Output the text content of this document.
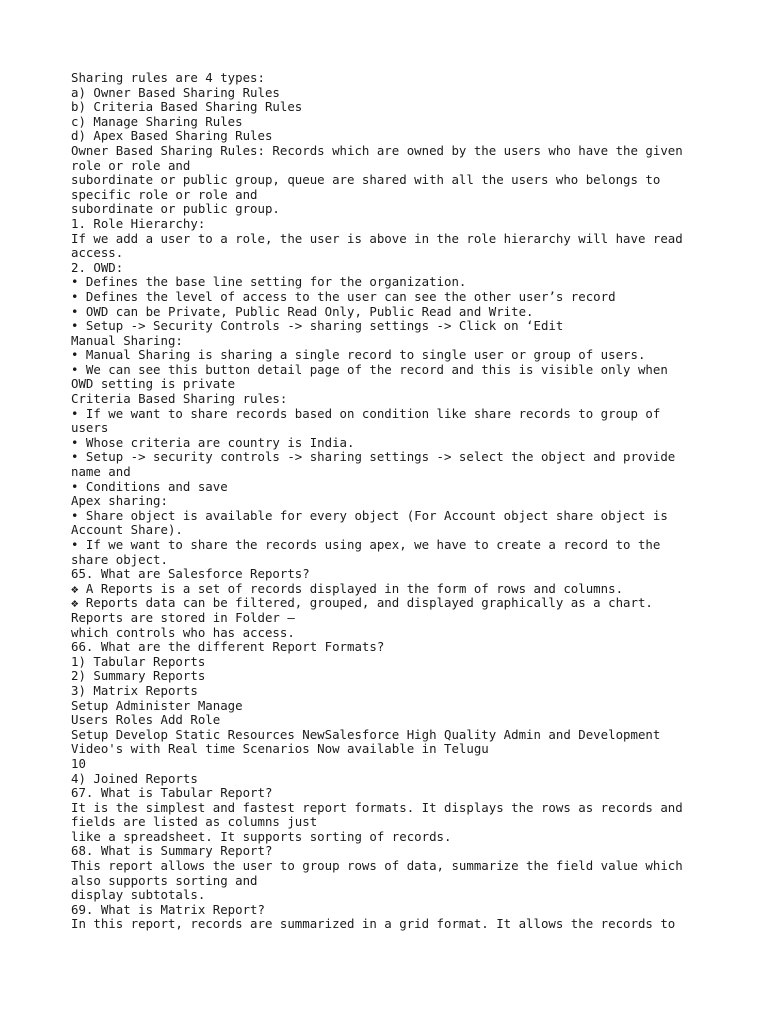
Sharing rules are 4 types:
a) Owner Based Sharing Rules
b) Criteria Based Sharing Rules
c) Manage Sharing Rules
d) Apex Based Sharing Rules
Owner Based Sharing Rules: Records which are owned by the users who have the given
role or role and
subordinate or public group, queue are shared with all the users who belongs to
specific role or role and
subordinate or public group.
1. Role Hierarchy:
If we add a user to a role, the user is above in the role hierarchy will have read
access.
2. OWD:
• Defines the base line setting for the organization.
• Defines the level of access to the user can see the other user’s record
• OWD can be Private, Public Read Only, Public Read and Write.
• Setup -> Security Controls -> sharing settings -> Click on ‘Edit
Manual Sharing:
• Manual Sharing is sharing a single record to single user or group of users.
• We can see this button detail page of the record and this is visible only when
OWD setting is private
Criteria Based Sharing rules:
• If we want to share records based on condition like share records to group of
users
• Whose criteria are country is India.
• Setup -> security controls -> sharing settings -> select the object and provide
name and
• Conditions and save
Apex sharing:
• Share object is available for every object (For Account object share object is
Account Share).
• If we want to share the records using apex, we have to create a record to the
share object.
65. What are Salesforce Reports?
❖ A Reports is a set of records displayed in the form of rows and columns.
❖ Reports data can be filtered, grouped, and displayed graphically as a chart.
Reports are stored in Folder –
which controls who has access.
66. What are the different Report Formats?
1) Tabular Reports
2) Summary Reports
3) Matrix Reports
Setup Administer Manage
Users Roles Add Role
Setup Develop Static Resources NewSalesforce High Quality Admin and Development
Video's with Real time Scenarios Now available in Telugu
10
4) Joined Reports
67. What is Tabular Report?
It is the simplest and fastest report formats. It displays the rows as records and
fields are listed as columns just
like a spreadsheet. It supports sorting of records.
68. What is Summary Report?
This report allows the user to group rows of data, summarize the field value which
also supports sorting and
display subtotals.
69. What is Matrix Report?
In this report, records are summarized in a grid format. It allows the records to
